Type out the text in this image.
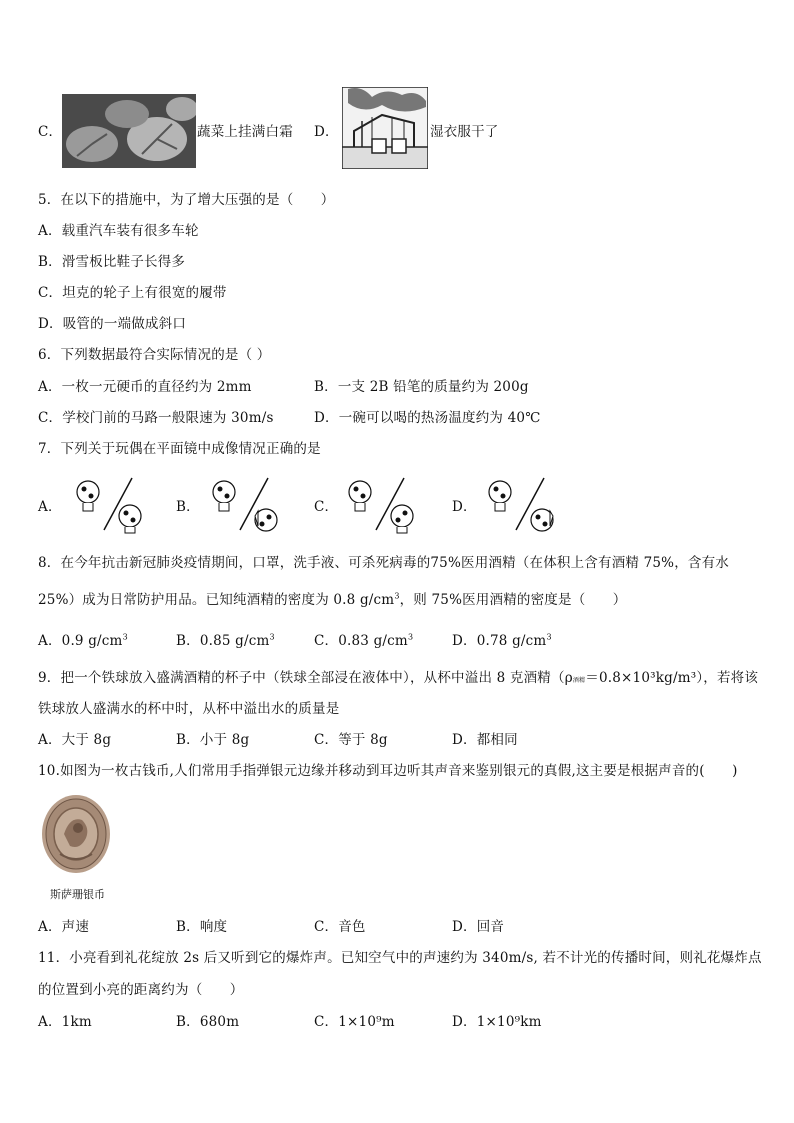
C．	蔬菜上挂满白霜 D．	湿衣服干了
5．在以下的措施中，为了增大压强的是（　　）
A．载重汽车装有很多车轮
B．滑雪板比鞋子长得多
C．坦克的轮子上有很宽的履带
D．吸管的一端做成斜口
6．下列数据最符合实际情况的是（ ）
A．一枚一元硬币的直径约为 2mm	B．一支 2B 铅笔的质量约为 200g
C．学校门前的马路一般限速为 30m/s	D．一碗可以喝的热汤温度约为 40℃
7．下列关于玩偶在平面镜中成像情况正确的是
A．	B．	C．	D．
8．在今年抗击新冠肺炎疫情期间，口罩，洗手液、可杀死病毒的75%医用酒精（在体积上含有酒精 75%，含有水
25%）成为日常防护用品。已知纯酒精的密度为 0.8 $g/cm^3$，则 75%医用酒精的密度是（　　）
A．0.9 $g/cm^3$	B．0.85 $g/cm^3$	C．0.83 $g/cm^3$	D．0.78 $g/cm^3$
9．把一个铁球放入盛满酒精的杯子中（铁球全部浸在液体中），从杯中溢出 8 克酒精（ρ酒精＝0.8×10³kg/m³），若将该
铁球放人盛满水的杯中时，从杯中溢出水的质量是
A．大于 8g	B．小于 8g	C．等于 8g	D．都相同
10.如图为一枚古钱币,人们常用手指弹银元边缘并移动到耳边听其声音来鉴别银元的真假,这主要是根据声音的(　　)
斯萨珊银币
A．声速	B．响度	C．音色	D．回音
11．小亮看到礼花绽放 2s 后又听到它的爆炸声。已知空气中的声速约为 340m/s, 若不计光的传播时间，则礼花爆炸点
的位置到小亮的距离约为（　　）
A．1km	B．680m	C．1×10⁹m	D．1×10⁹km
